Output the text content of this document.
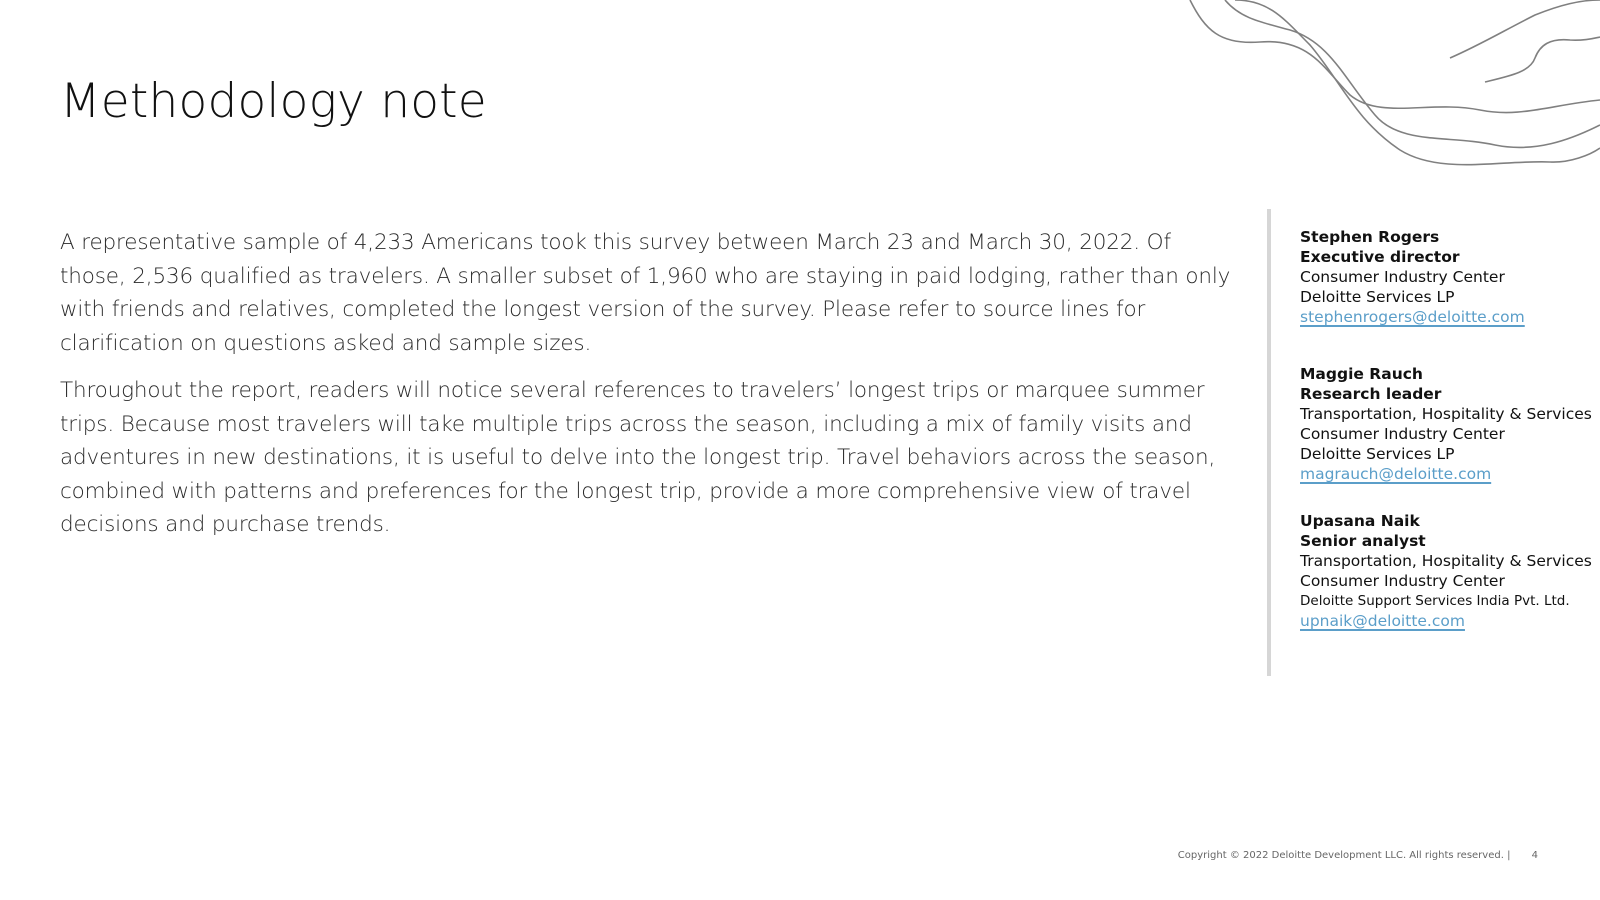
Methodology note

A representative sample of 4,233 Americans took this survey between March 23 and March 30, 2022. Of those, 2,536 qualified as travelers. A smaller subset of 1,960 who are staying in paid lodging, rather than only with friends and relatives, completed the longest version of the survey. Please refer to source lines for clarification on questions asked and sample sizes.

Throughout the report, readers will notice several references to travelers’ longest trips or marquee summer trips. Because most travelers will take multiple trips across the season, including a mix of family visits and adventures in new destinations, it is useful to delve into the longest trip. Travel behaviors across the season, combined with patterns and preferences for the longest trip, provide a more comprehensive view of travel decisions and purchase trends.

Stephen Rogers
Executive director
Consumer Industry Center
Deloitte Services LP
stephenrogers@deloitte.com
Maggie Rauch
Research leader
Transportation, Hospitality & Services
Consumer Industry Center
Deloitte Services LP
magrauch@deloitte.com
Upasana Naik
Senior analyst
Transportation, Hospitality & Services
Consumer Industry Center
Deloitte Support Services India Pvt. Ltd.
upnaik@deloitte.com
Copyright © 2022 Deloitte Development LLC. All rights reserved. | 4
